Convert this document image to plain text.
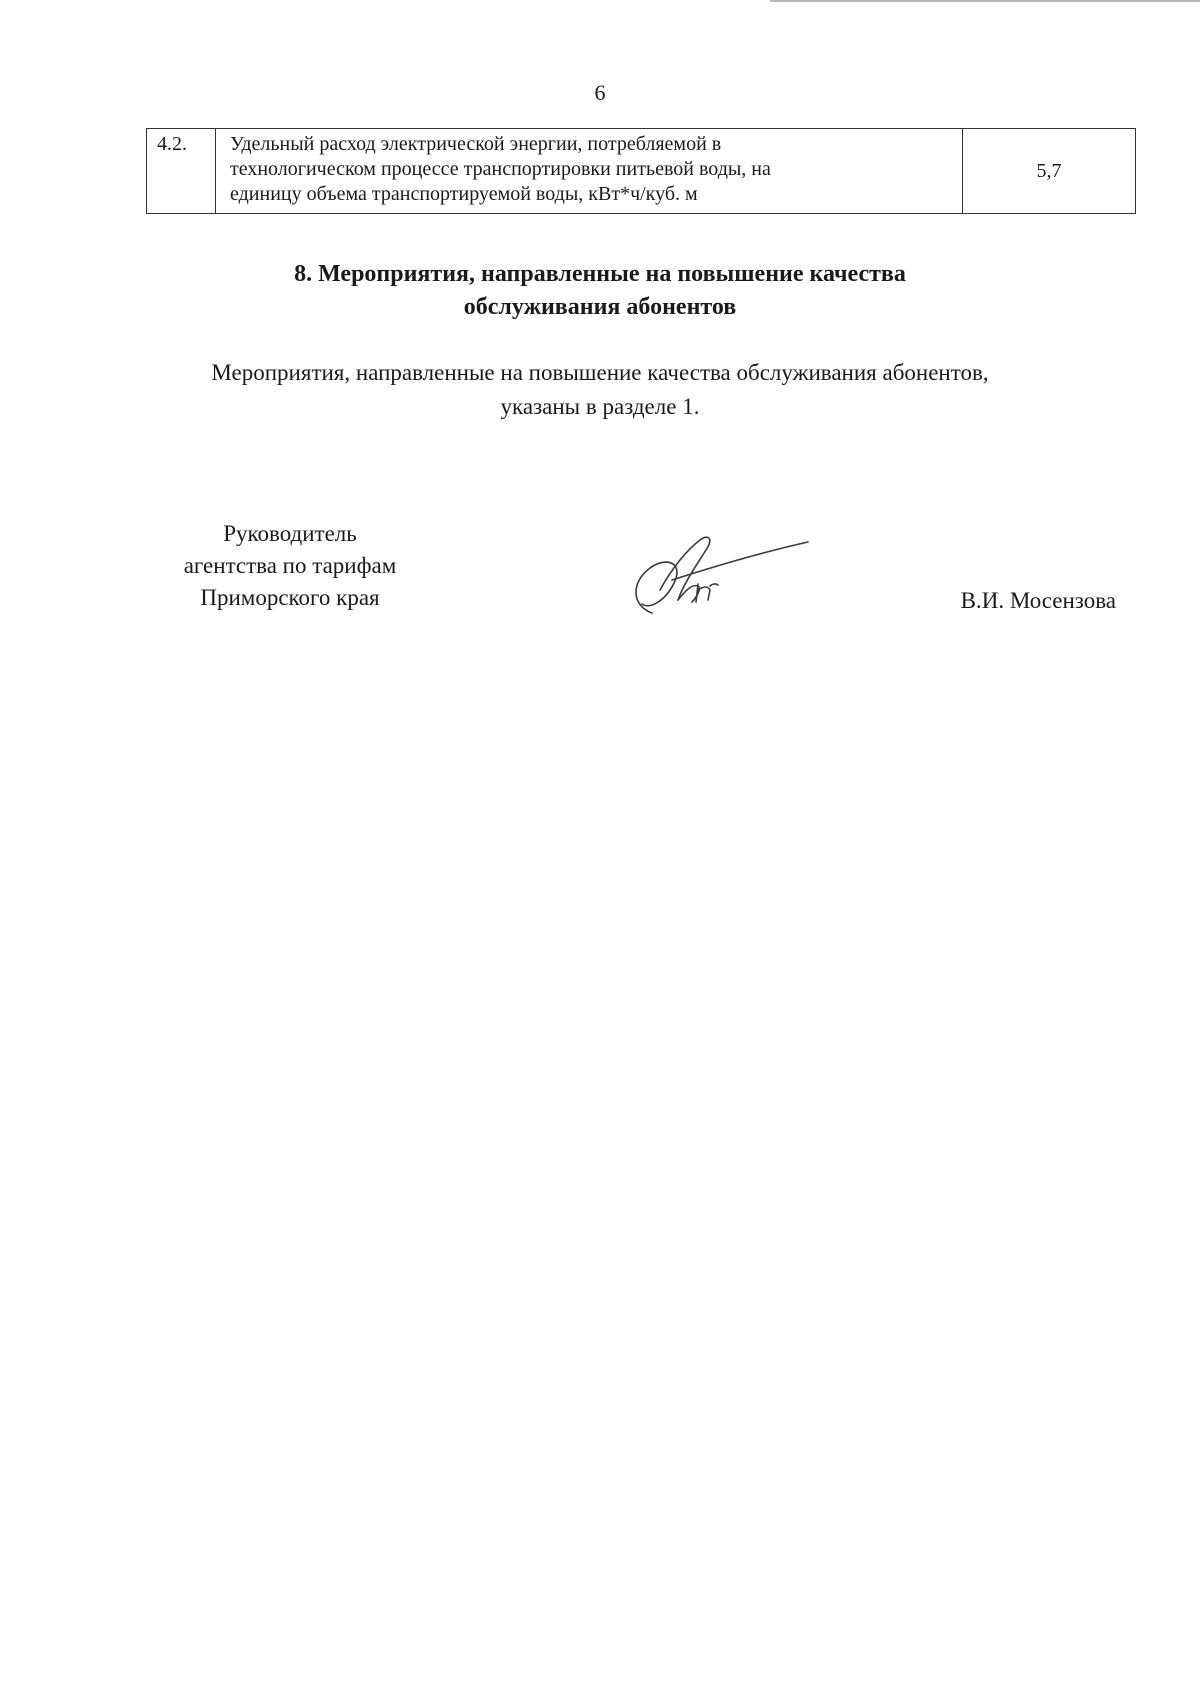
6
4.2.	Удельный расход электрической энергии, потребляемой в
технологическом процессе транспортировки питьевой воды, на
единицу объема транспортируемой воды, кВт*ч/куб. м
	5,7
8. Мероприятия, направленные на повышение качества
обслуживания абонентов
Мероприятия, направленные на повышение качества обслуживания абонентов,
указаны в разделе 1.
Руководитель
агентства по тарифам
Приморского края	В.И. Мосензова
